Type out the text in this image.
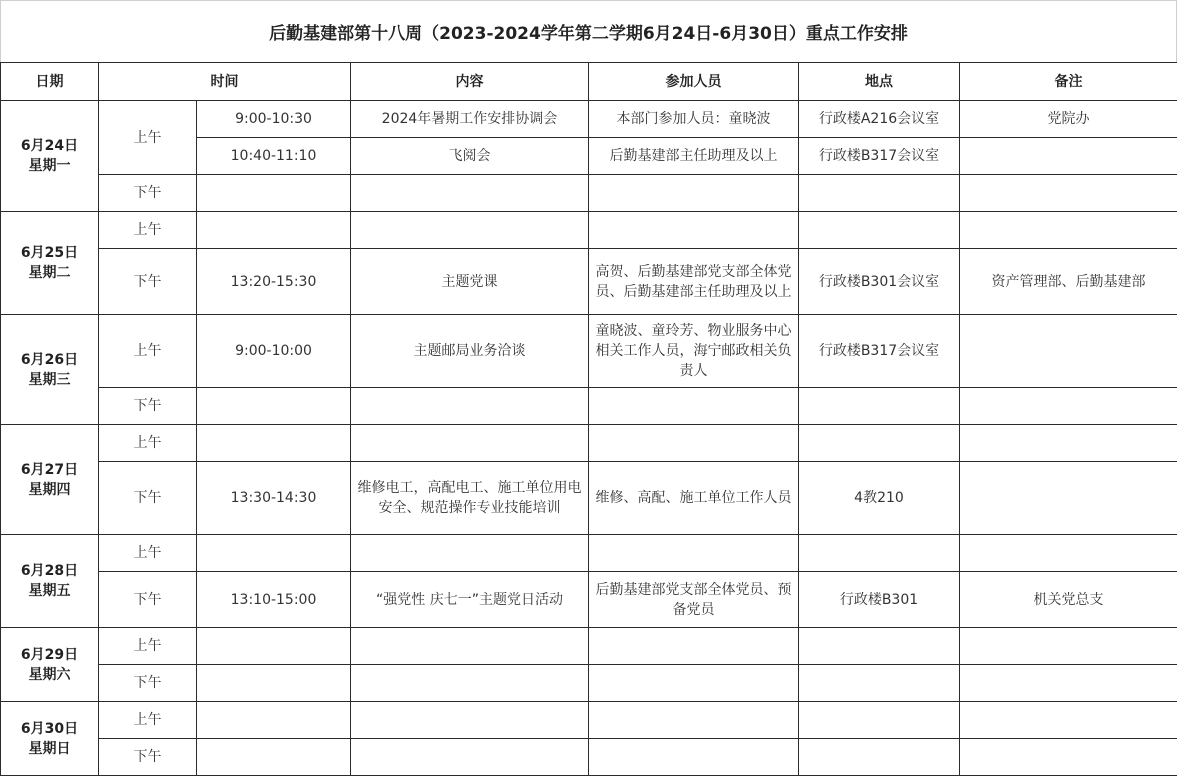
后勤基建部第十八周（2023-2024学年第二学期6月24日-6月30日）重点工作安排
日期	时间		内容	参加人员	地点	备注

6月24日
星期一	上午	9:00-10:30	2024年暑期工作安排协调会	本部门参加人员：童晓波	行政楼A216会议室	党院办
		10:40-11:10	飞阅会	后勤基建部主任助理及以上	行政楼B317会议室	
	下午					

6月25日
星期二	上午					
	下午	13:20-15:30	主题党课	高贺、后勤基建部党支部全体党员、后勤基建部主任助理及以上	行政楼B301会议室	资产管理部、后勤基建部

6月26日
星期三	上午	9:00-10:00	主题邮局业务洽谈	童晓波、童玲芳、物业服务中心相关工作人员，海宁邮政相关负责人	行政楼B317会议室	
	下午					

6月27日
星期四	上午					
	下午	13:30-14:30	维修电工，高配电工、施工单位用电安全、规范操作专业技能培训	维修、高配、施工单位工作人员	4教210	

6月28日
星期五	上午					
	下午	13:10-15:00	“强党性 庆七一”主题党日活动	后勤基建部党支部全体党员、预备党员	行政楼B301	机关党总支

6月29日
星期六	上午					
	下午					

6月30日
星期日	上午					
	下午					
